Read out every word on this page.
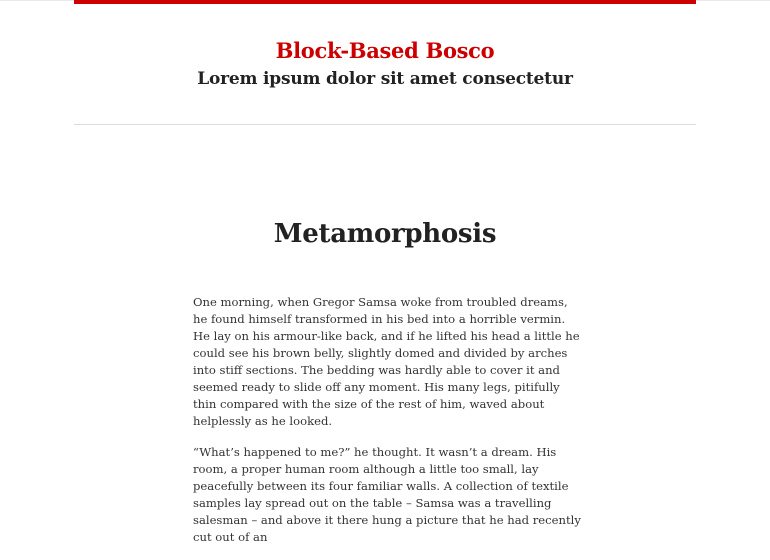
Block-Based Bosco

Lorem ipsum dolor sit amet consectetur

Metamorphosis

One morning, when Gregor Samsa woke from troubled dreams, he found himself transformed in his bed into a horrible vermin. He lay on his armour-like back, and if he lifted his head a little he could see his brown belly, slightly domed and divided by arches into stiff sections. The bedding was hardly able to cover it and seemed ready to slide off any moment. His many legs, pitifully thin compared with the size of the rest of him, waved about helplessly as he looked.

“What’s happened to me?” he thought. It wasn’t a dream. His room, a proper human room although a little too small, lay peacefully between its four familiar walls. A collection of textile samples lay spread out on the table – Samsa was a travelling salesman – and above it there hung a picture that he had recently cut out of an
